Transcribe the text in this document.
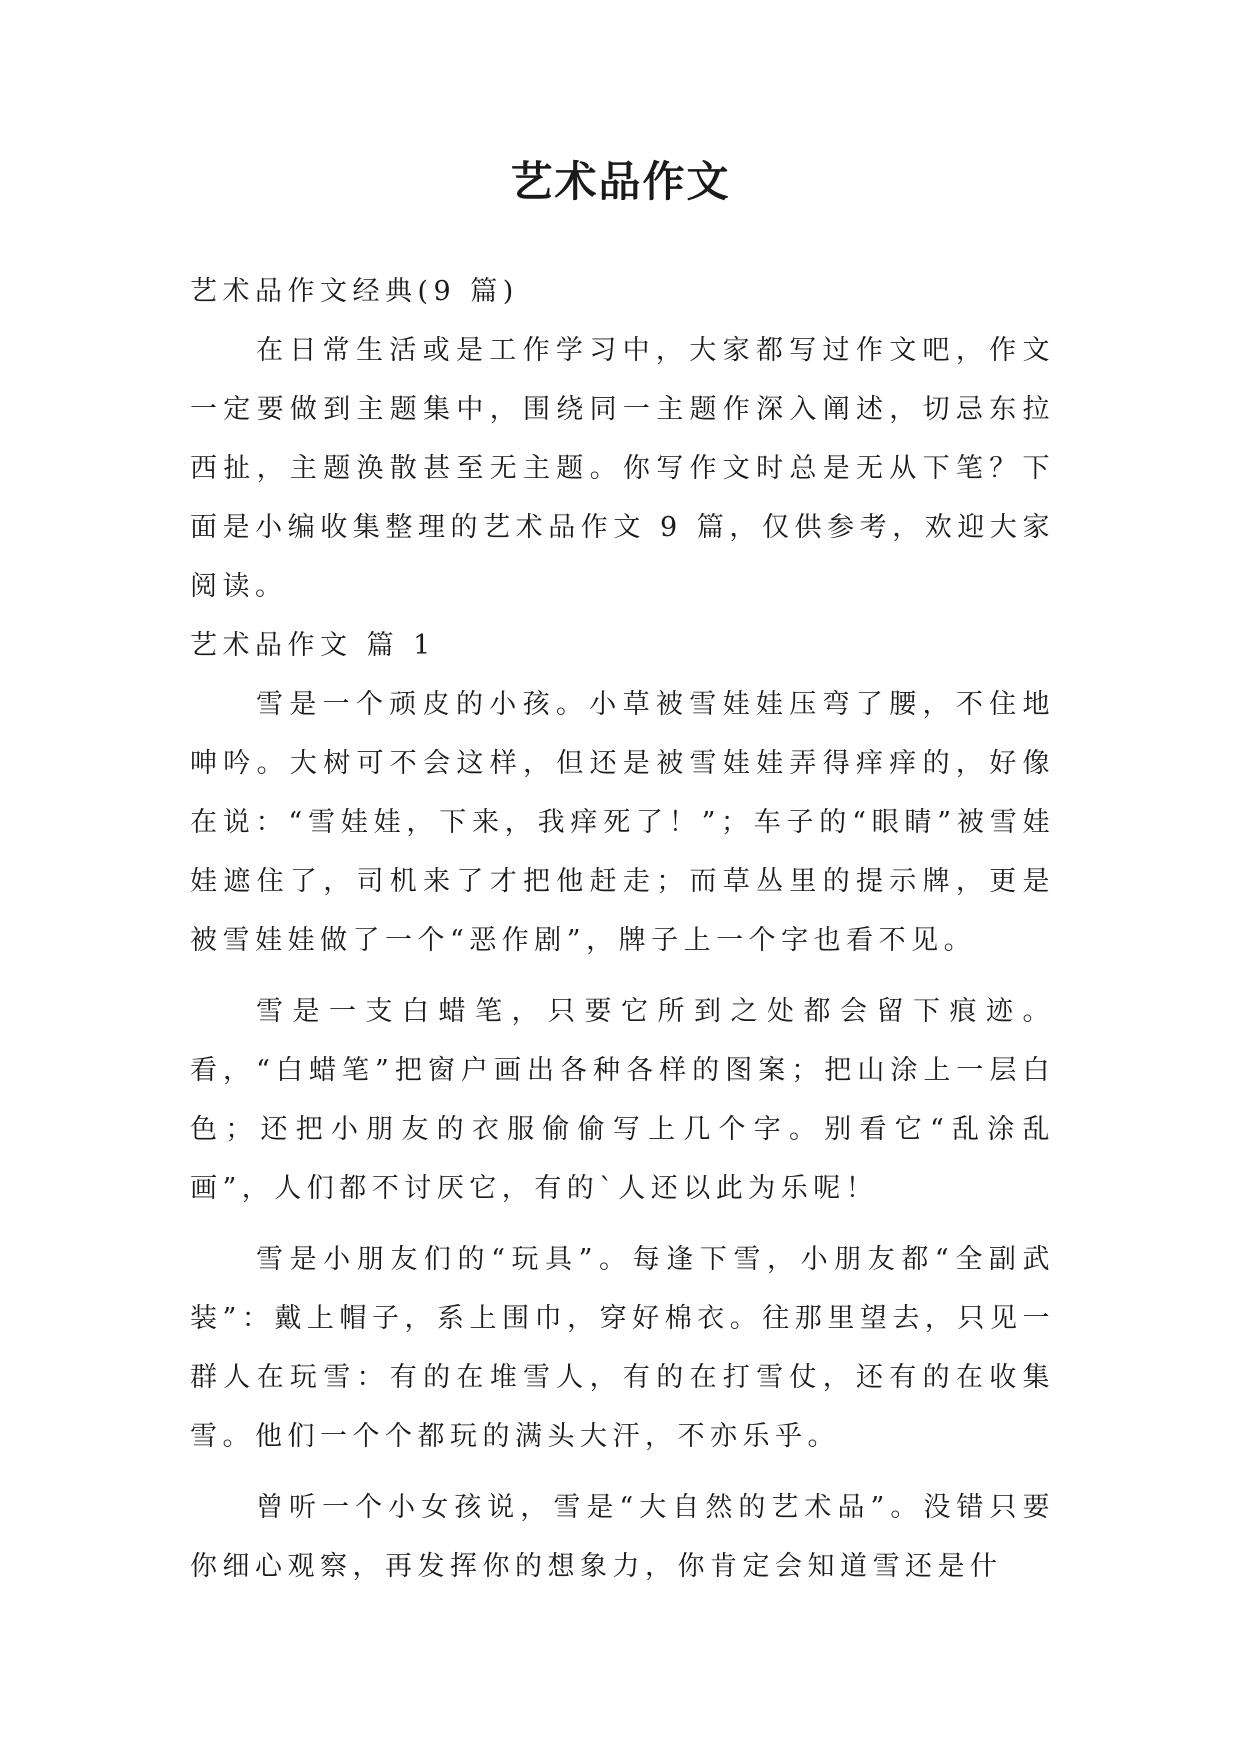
艺术品作文

艺术品作文经典(9 篇)

在日常生活或是工作学习中，大家都写过作文吧，作文一定要做到主题集中，围绕同一主题作深入阐述，切忌东拉西扯，主题涣散甚至无主题。你写作文时总是无从下笔？下面是小编收集整理的艺术品作文 9 篇，仅供参考，欢迎大家阅读。

艺术品作文 篇 1

雪是一个顽皮的小孩。小草被雪娃娃压弯了腰，不住地呻吟。大树可不会这样，但还是被雪娃娃弄得痒痒的，好像在说：“雪娃娃，下来，我痒死了！”；车子的“眼睛”被雪娃娃遮住了，司机来了才把他赶走；而草丛里的提示牌，更是被雪娃娃做了一个“恶作剧”，牌子上一个字也看不见。

雪是一支白蜡笔，只要它所到之处都会留下痕迹。看，“白蜡笔”把窗户画出各种各样的图案；把山涂上一层白色；还把小朋友的衣服偷偷写上几个字。别看它“乱涂乱画”，人们都不讨厌它，有的`人还以此为乐呢！

雪是小朋友们的“玩具”。每逢下雪，小朋友都“全副武装”：戴上帽子，系上围巾，穿好棉衣。往那里望去，只见一群人在玩雪：有的在堆雪人，有的在打雪仗，还有的在收集雪。他们一个个都玩的满头大汗，不亦乐乎。

曾听一个小女孩说，雪是“大自然的艺术品”。没错只要你细心观察，再发挥你的想象力，你肯定会知道雪还是什
